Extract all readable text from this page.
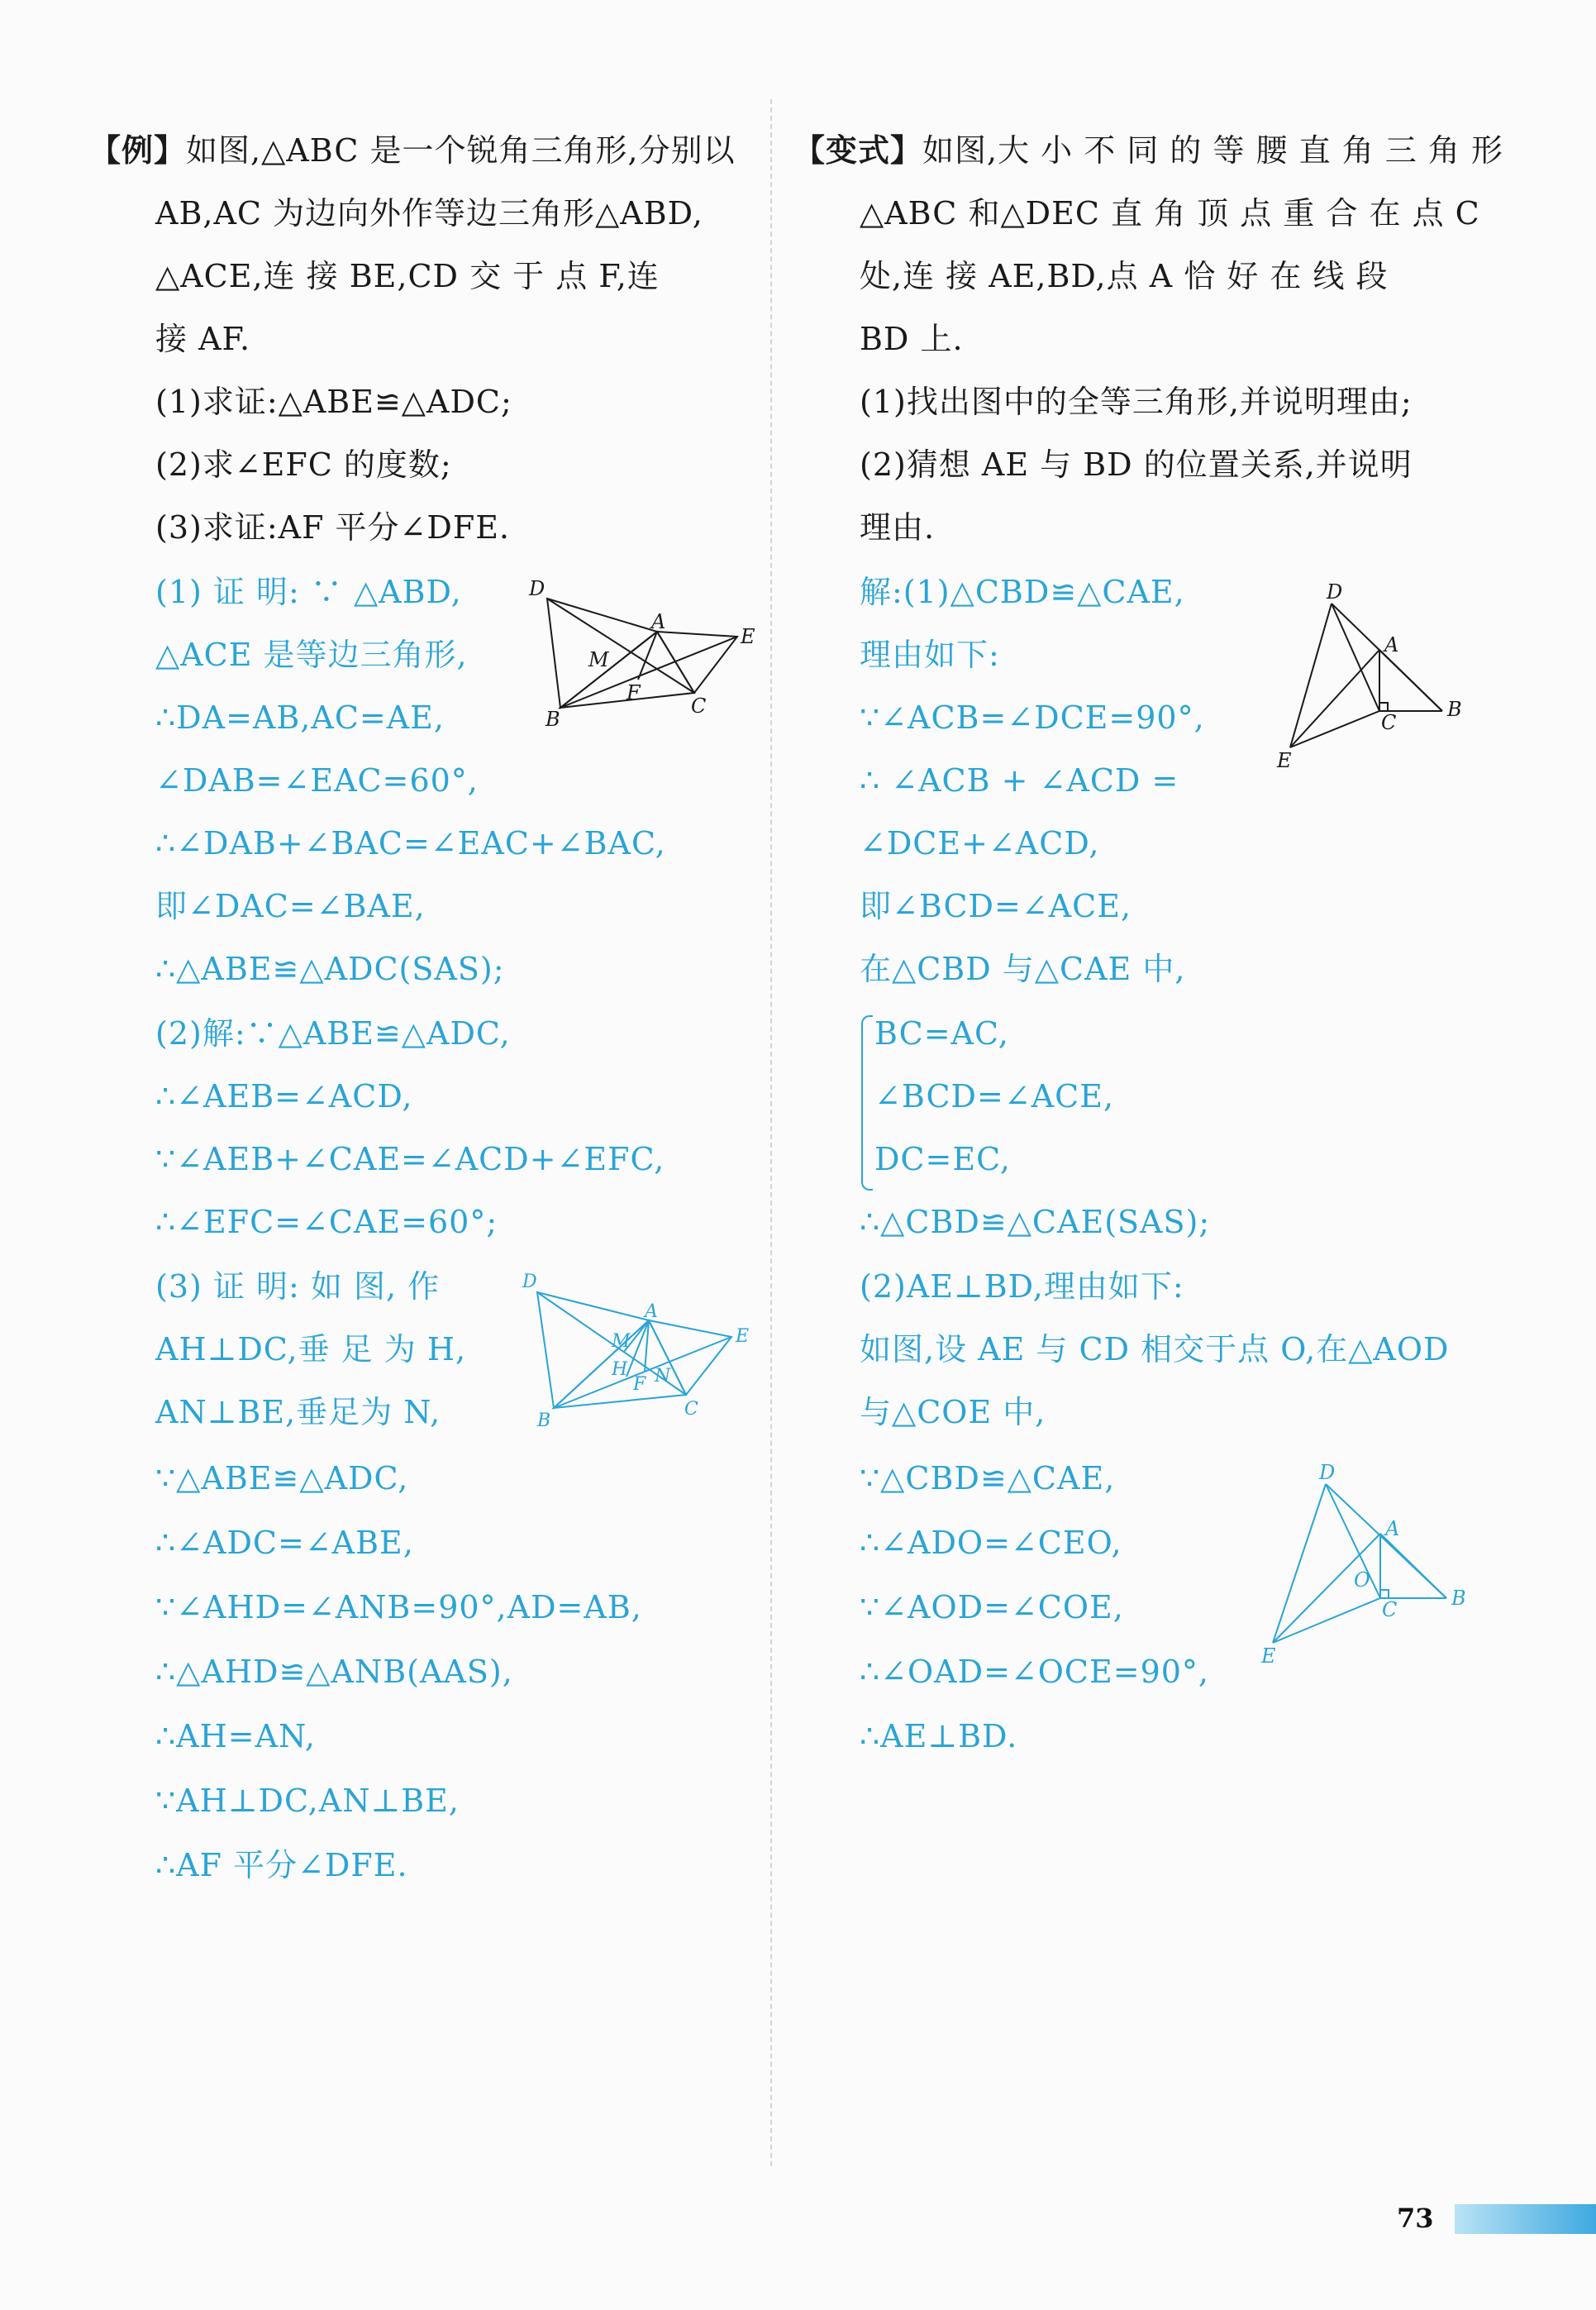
【例】如图,△ABC 是一个锐角三角形,分别以
AB,AC 为边向外作等边三角形△ABD,
△ACE,连 接 BE,CD 交 于 点 F,连
接 AF.
(1)求证:△ABE≌△ADC;
(2)求∠EFC 的度数;
(3)求证:AF 平分∠DFE.
(1) 证 明: ∵ △ABD,
△ACE 是等边三角形,
∴DA=AB,AC=AE,
∠DAB=∠EAC=60°,
∴∠DAB+∠BAC=∠EAC+∠BAC,
即∠DAC=∠BAE,
∴△ABE≌△ADC(SAS);
(2)解:∵△ABE≌△ADC,
∴∠AEB=∠ACD,
∵∠AEB+∠CAE=∠ACD+∠EFC,
∴∠EFC=∠CAE=60°;
(3) 证 明: 如 图, 作
AH⊥DC,垂 足 为 H,
AN⊥BE,垂足为 N,
∵△ABE≌△ADC,
∴∠ADC=∠ABE,
∵∠AHD=∠ANB=90°,AD=AB,
∴△AHD≌△ANB(AAS),
∴AH=AN,
∵AH⊥DC,AN⊥BE,
∴AF 平分∠DFE.
【变式】如图,大 小 不 同 的 等 腰 直 角 三 角 形
△ABC 和△DEC 直 角 顶 点 重 合 在 点 C
处,连 接 AE,BD,点 A 恰 好 在 线 段
BD 上.
(1)找出图中的全等三角形,并说明理由;
(2)猜想 AE 与 BD 的位置关系,并说明
理由.
解:(1)△CBD≌△CAE,
理由如下:
∵∠ACB=∠DCE=90°,
∴ ∠ACB + ∠ACD =
∠DCE+∠ACD,
即∠BCD=∠ACE,
在△CBD 与△CAE 中,
BC=AC,
∠BCD=∠ACE,
DC=EC,
∴△CBD≌△CAE(SAS);
(2)AE⊥BD,理由如下:
如图,设 AE 与 CD 相交于点 O,在△AOD
与△COE 中,
∵△CBD≌△CAE,
∴∠ADO=∠CEO,
∵∠AOD=∠COE,
∴∠OAD=∠OCE=90°,
∴AE⊥BD.
D
A
E
M
F
B
C
D
A
E
M
H
F N
B
C
D
A
B
C
E
D
A
O
B
C
E
73
